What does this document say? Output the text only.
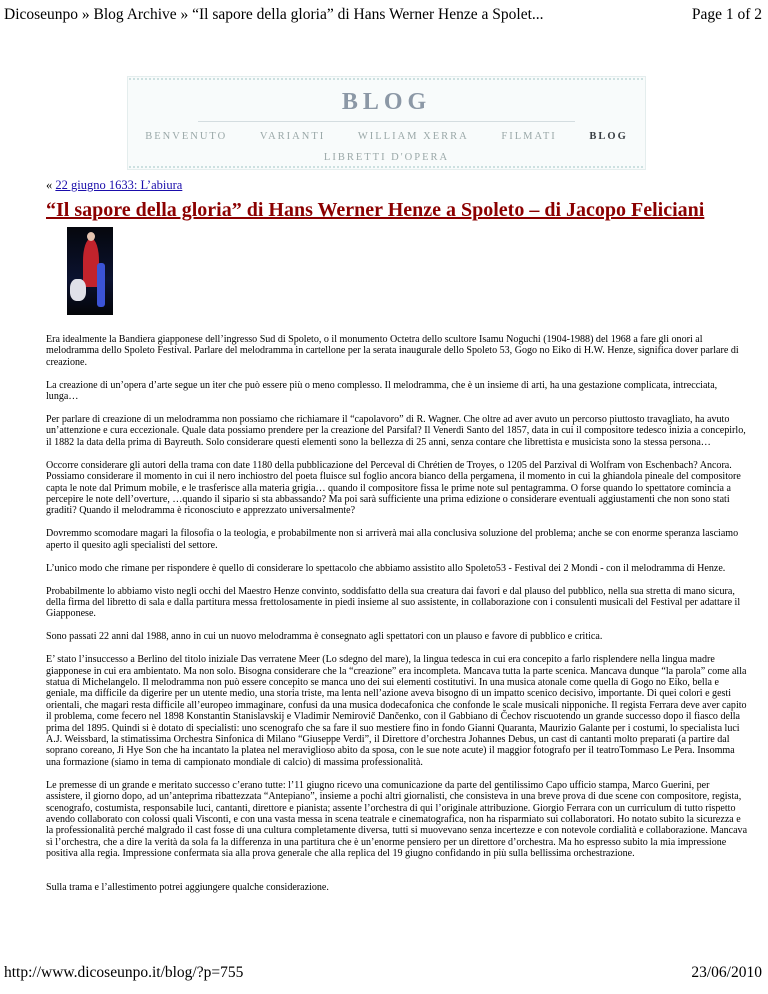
Dicoseunpo » Blog Archive » “Il sapore della gloria” di Hans Werner Henze a Spolet...	Page 1 of 2
BLOG
BENVENUTO	VARIANTI	WILLIAM XERRA	FILMATI	BLOG
LIBRETTI D'OPERA
« 22 giugno 1633: L’abiura
“Il sapore della gloria” di Hans Werner Henze a Spoleto – di Jacopo Feliciani

Era idealmente la Bandiera giapponese dell’ingresso Sud di Spoleto, o il monumento Octetra dello scultore Isamu Noguchi (1904-1988) del 1968 a fare gli onori al melodramma dello Spoleto Festival. Parlare del melodramma in cartellone per la serata inaugurale dello Spoleto 53, Gogo no Eiko di H.W. Henze, significa dover parlare di creazione.

La creazione di un’opera d’arte segue un iter che può essere più o meno complesso. Il melodramma, che è un insieme di arti, ha una gestazione complicata, intrecciata, lunga…

Per parlare di creazione di un melodramma non possiamo che richiamare il “capolavoro” di R. Wagner. Che oltre ad aver avuto un percorso piuttosto travagliato, ha avuto un’attenzione e cura eccezionale. Quale data possiamo prendere per la creazione del Parsifal? Il Venerdì Santo del 1857, data in cui il compositore tedesco inizia a concepirlo, il 1882 la data della prima di Bayreuth. Solo considerare questi elementi sono la bellezza di 25 anni, senza contare che librettista e musicista sono la stessa persona…

Occorre considerare gli autori della trama con date 1180 della pubblicazione del Perceval di Chrétien de Troyes, o 1205 del Parzival di Wolfram von Eschenbach? Ancora. Possiamo considerare il momento in cui il nero inchiostro del poeta fluisce sul foglio ancora bianco della pergamena, il momento in cui la ghiandola pineale del compositore capta le note dal Primum mobile, e le trasferisce alla materia grigia… quando il compositore fissa le prime note sul pentagramma. O forse quando lo spettatore comincia a percepire le note dell’overture, …quando il sipario si sta abbassando? Ma poi sarà sufficiente una prima edizione o considerare eventuali aggiustamenti che non sono stati graditi? Quando il melodramma è riconosciuto e apprezzato universalmente?

Dovremmo scomodare magari la filosofia o la teologia, e probabilmente non si arriverà mai alla conclusiva soluzione del problema; anche se con enorme speranza lasciamo aperto il quesito agli specialisti del settore.

L’unico modo che rimane per rispondere è quello di considerare lo spettacolo che abbiamo assistito allo Spoleto53 - Festival dei 2 Mondi - con il melodramma di Henze.

Probabilmente lo abbiamo visto negli occhi del Maestro Henze convinto, soddisfatto della sua creatura dai favori e dal plauso del pubblico, nella sua stretta di mano sicura, della firma del libretto di sala e dalla partitura messa frettolosamente in piedi insieme al suo assistente, in collaborazione con i consulenti musicali del Festival per adattare il Giapponese.

Sono passati 22 anni dal 1988, anno in cui un nuovo melodramma è consegnato agli spettatori con un plauso e favore di pubblico e critica.

E’ stato l’insuccesso a Berlino del titolo iniziale Das verratene Meer (Lo sdegno del mare), la lingua tedesca in cui era concepito a farlo risplendere nella lingua madre giapponese in cui era ambientato. Ma non solo. Bisogna considerare che la “creazione” era incompleta. Mancava tutta la parte scenica. Mancava dunque “la parola” come alla statua di Michelangelo. Il melodramma non può essere concepito se manca uno dei sui elementi costitutivi. In una musica atonale come quella di Gogo no Eiko, bella e geniale, ma difficile da digerire per un utente medio, una storia triste, ma lenta nell’azione aveva bisogno di un impatto scenico decisivo, importante. Di quei colori e gesti orientali, che magari resta difficile all’europeo immaginare, confusi da una musica dodecafonica che confonde le scale musicali nipponiche. Il regista Ferrara deve aver capito il problema, come fecero nel 1898 Konstantin Stanislavskij e Vladimir Nemirovič Dančenko, con il Gabbiano di Čechov riscuotendo un grande successo dopo il fiasco della prima del 1895. Quindi si è dotato di specialisti: uno scenografo che sa fare il suo mestiere fino in fondo Gianni Quaranta, Maurizio Galante per i costumi, lo specialista luci A.J. Weissbard, la stimatissima Orchestra Sinfonica di Milano “Giuseppe Verdi”, il Direttore d’orchestra Johannes Debus, un cast di cantanti molto preparati (a partire dal soprano coreano, Ji Hye Son che ha incantato la platea nel meraviglioso abito da sposa, con le sue note acute) il maggior fotografo per il teatroTommaso Le Pera. Insomma una formazione (siamo in tema di campionato mondiale di calcio) di massima professionalità.

Le premesse di un grande e meritato successo c’erano tutte: l’11 giugno ricevo una comunicazione da parte del gentilissimo Capo ufficio stampa, Marco Guerini, per assistere, il giorno dopo, ad un’anteprima ribattezzata “Antepiano”, insieme a pochi altri giornalisti, che consisteva in una breve prova di due scene con compositore, regista, scenografo, costumista, responsabile luci, cantanti, direttore e pianista; assente l’orchestra di qui l’originale attribuzione. Giorgio Ferrara con un curriculum di tutto rispetto avendo collaborato con colossi quali Visconti, e con una vasta messa in scena teatrale e cinematografica, non ha risparmiato sui collaboratori. Ho notato subito la sicurezza e la professionalità perché malgrado il cast fosse di una cultura completamente diversa, tutti si muovevano senza incertezze e con notevole cordialità e collaborazione. Mancava sì l’orchestra, che a dire la verità da sola fa la differenza in una partitura che è un’enorme pensiero per un direttore d’orchestra. Ma ho espresso subito la mia impressione positiva alla regia. Impressione confermata sia alla prova generale che alla replica del 19 giugno confidando in più sulla bellissima orchestrazione.

Sulla trama e l’allestimento potrei aggiungere qualche considerazione.

http://www.dicoseunpo.it/blog/?p=755	23/06/2010
